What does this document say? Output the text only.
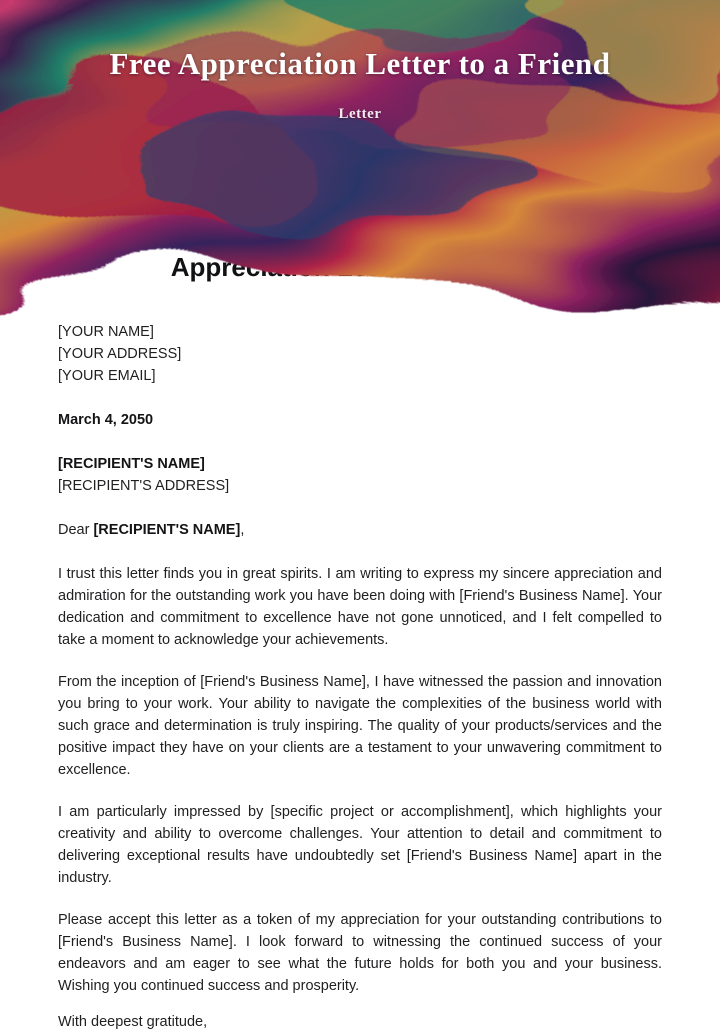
Free Appreciation Letter to a Friend
Letter
[YOUR NAME]
[YOUR ADDRESS]
[YOUR EMAIL]
March 4, 2050
[RECIPIENT'S NAME]
[RECIPIENT'S ADDRESS]
Dear [RECIPIENT'S NAME],

I trust this letter finds you in great spirits. I am writing to express my sincere appreciation and admiration for the outstanding work you have been doing with [Friend's Business Name]. Your dedication and commitment to excellence have not gone unnoticed, and I felt compelled to take a moment to acknowledge your achievements.

From the inception of [Friend's Business Name], I have witnessed the passion and innovation you bring to your work. Your ability to navigate the complexities of the business world with such grace and determination is truly inspiring. The quality of your products/services and the positive impact they have on your clients are a testament to your unwavering commitment to excellence.

I am particularly impressed by [specific project or accomplishment], which highlights your creativity and ability to overcome challenges. Your attention to detail and commitment to delivering exceptional results have undoubtedly set [Friend's Business Name] apart in the industry.

Please accept this letter as a token of my appreciation for your outstanding contributions to [Friend's Business Name]. I look forward to witnessing the continued success of your endeavors and am eager to see what the future holds for both you and your business. Wishing you continued success and prosperity.

With deepest gratitude,
